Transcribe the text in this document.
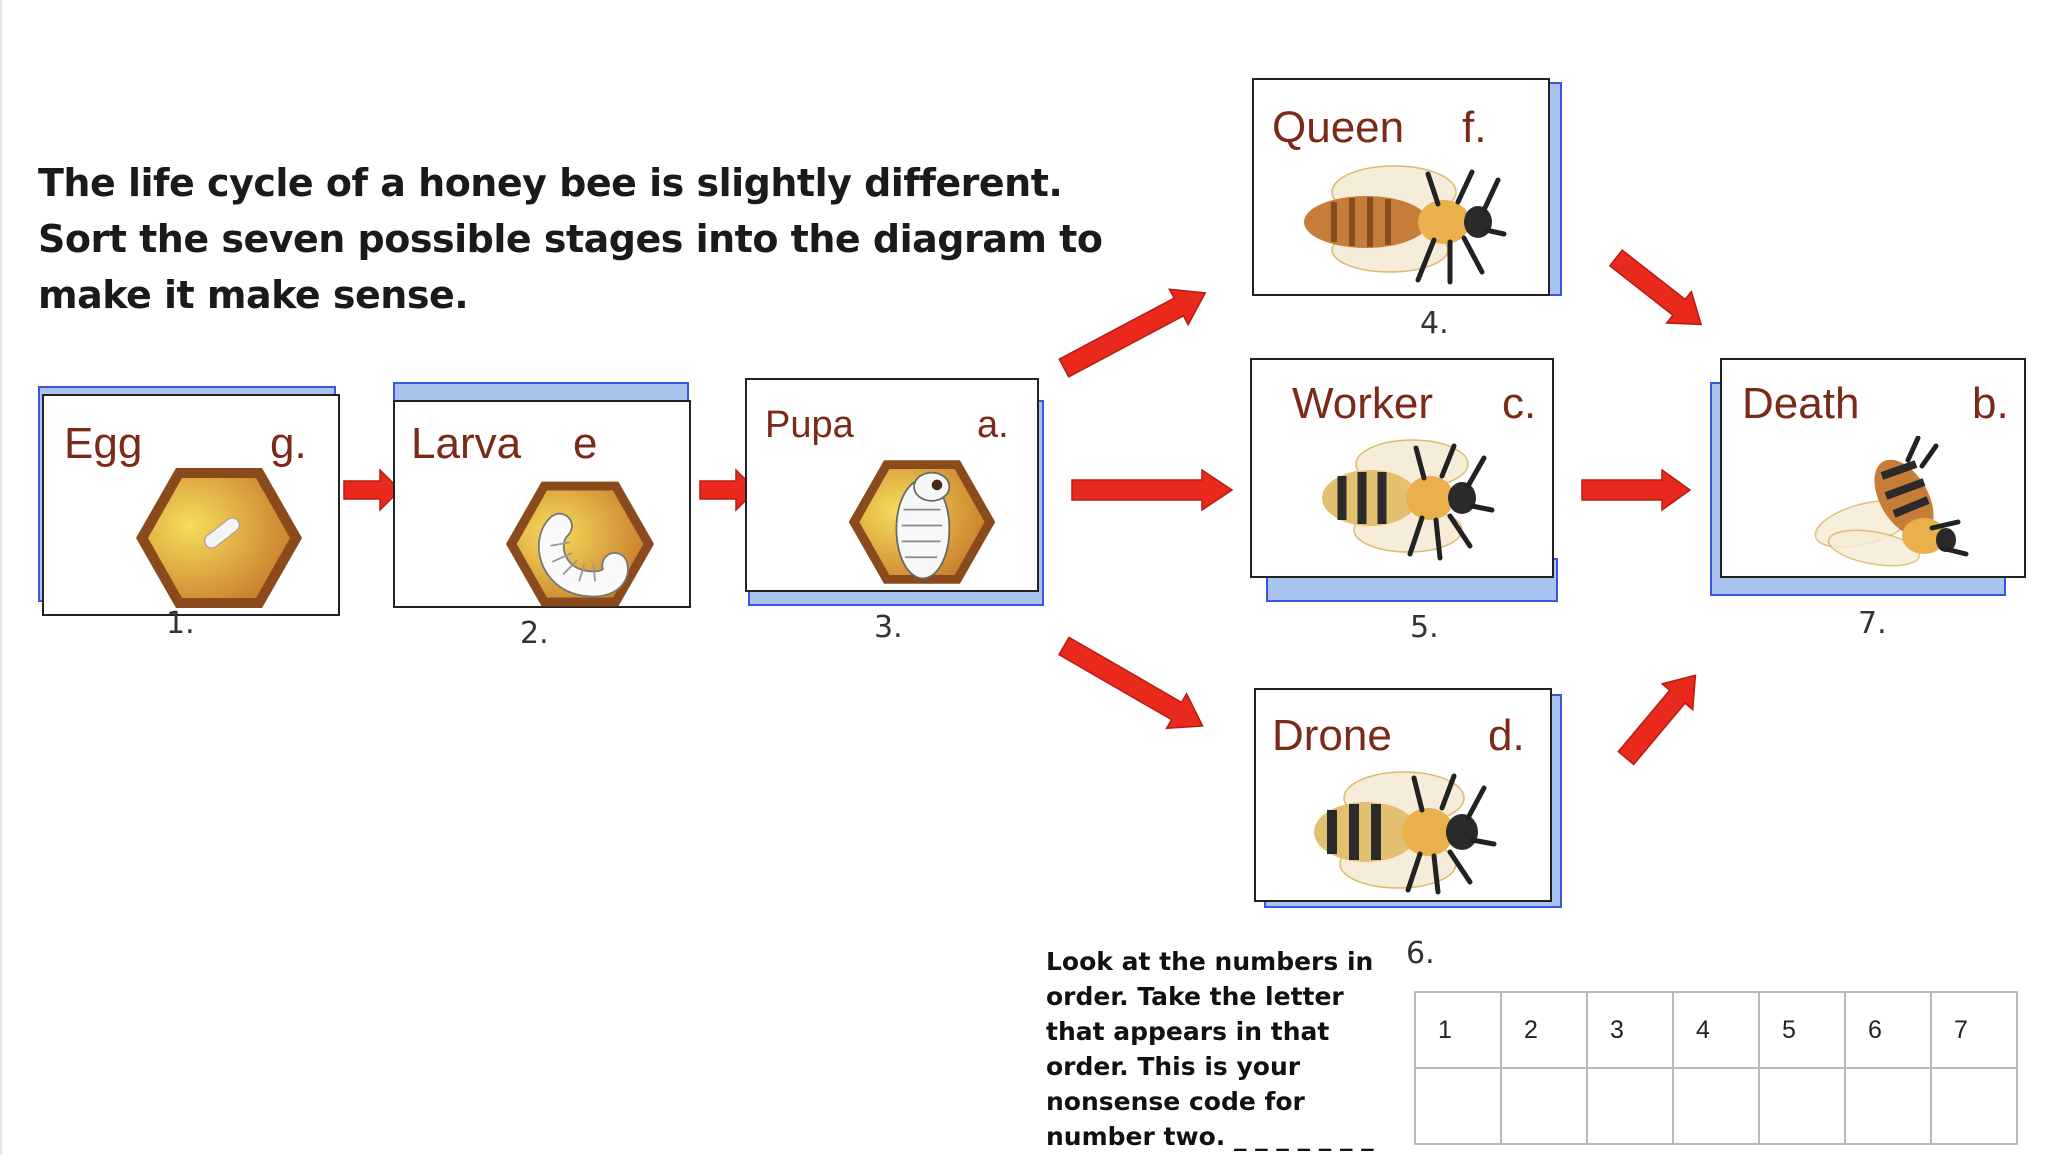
The life cycle of a honey bee is slightly different. Sort the seven possible stages into the diagram to make it make sense.
Egg	g.
1.
Larva e
2.
Pupa	a.
3.
Queen f.
4.
Worker c.
5.
Drone d.
6.
Death	b.
7.
Look at the numbers in order. Take the letter that appears in that order. This is your nonsense code for number two. _ _ _ _ _ _ _
1	2	3	4	5	6	7
